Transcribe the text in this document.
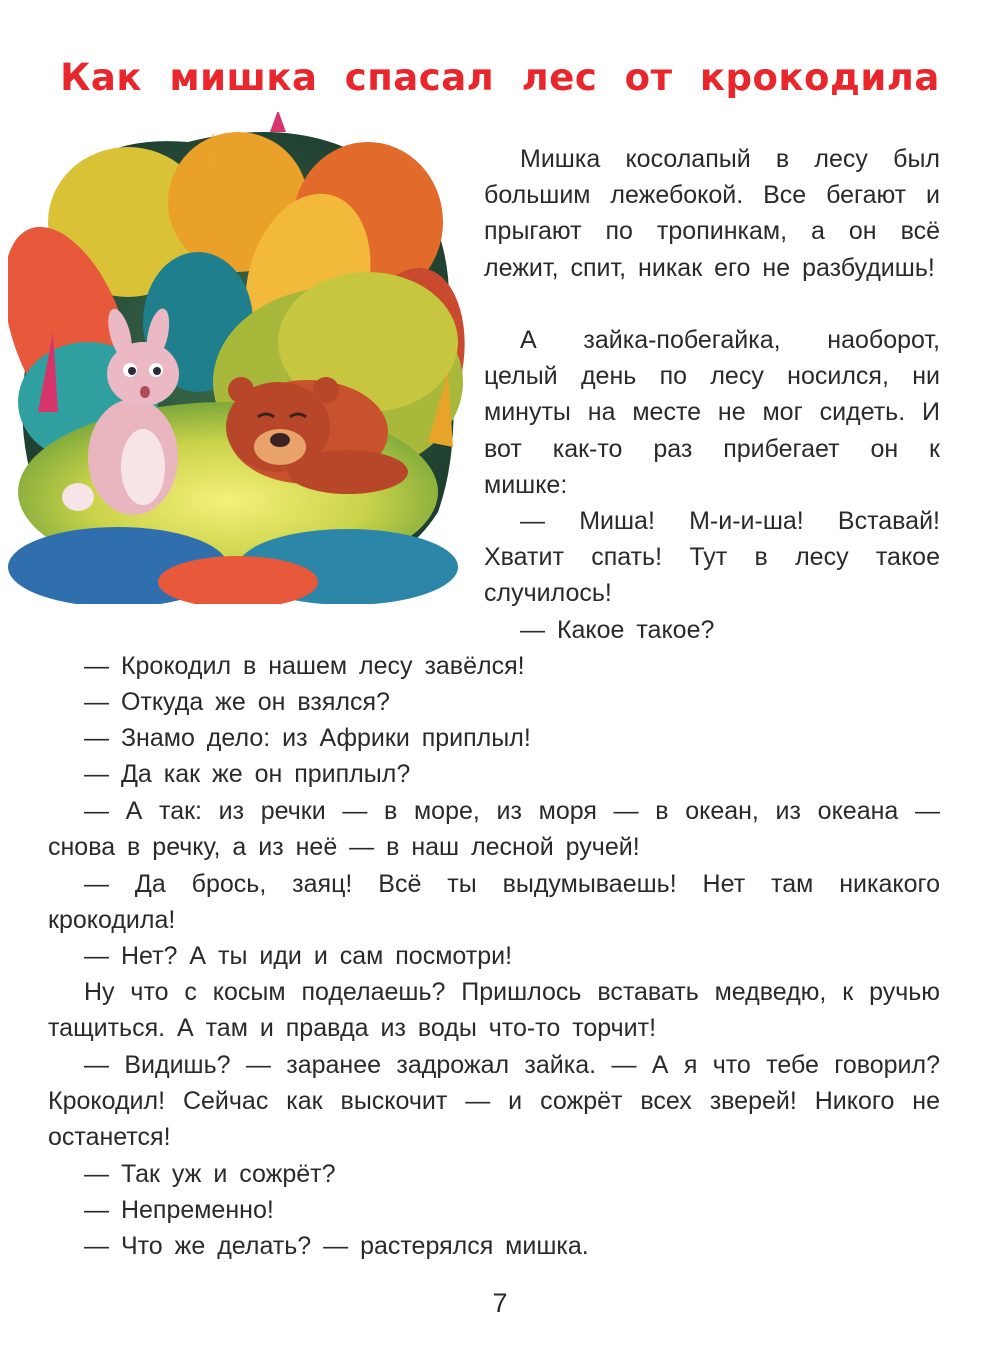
Как мишка спасал лес от крокодила

Мишка косолапый в лесу был большим лежебокой. Все бегают и прыгают по тропинкам, а он всё лежит, спит, никак его не разбудишь!

А зайка-побегайка, наоборот, целый день по лесу носился, ни минуты на месте не мог сидеть. И вот как-то раз прибегает он к мишке:

— Миша! М-и-и-ша! Вставай! Хватит спать! Тут в лесу такое случилось!

— Какое такое?

— Крокодил в нашем лесу завёлся!

— Откуда же он взялся?

— Знамо дело: из Африки приплыл!

— Да как же он приплыл?

— А так: из речки — в море, из моря — в океан, из океана — снова в речку, а из неё — в наш лесной ручей!

— Да брось, заяц! Всё ты выдумываешь! Нет там никакого крокодила!

— Нет? А ты иди и сам посмотри!

Ну что с косым поделаешь? Пришлось вставать медведю, к ручью тащиться. А там и правда из воды что-то торчит!

— Видишь? — заранее задрожал зайка. — А я что тебе говорил? Крокодил! Сейчас как выскочит — и сожрёт всех зверей! Никого не останется!

— Так уж и сожрёт?

— Непременно!

— Что же делать? — растерялся мишка.

7
